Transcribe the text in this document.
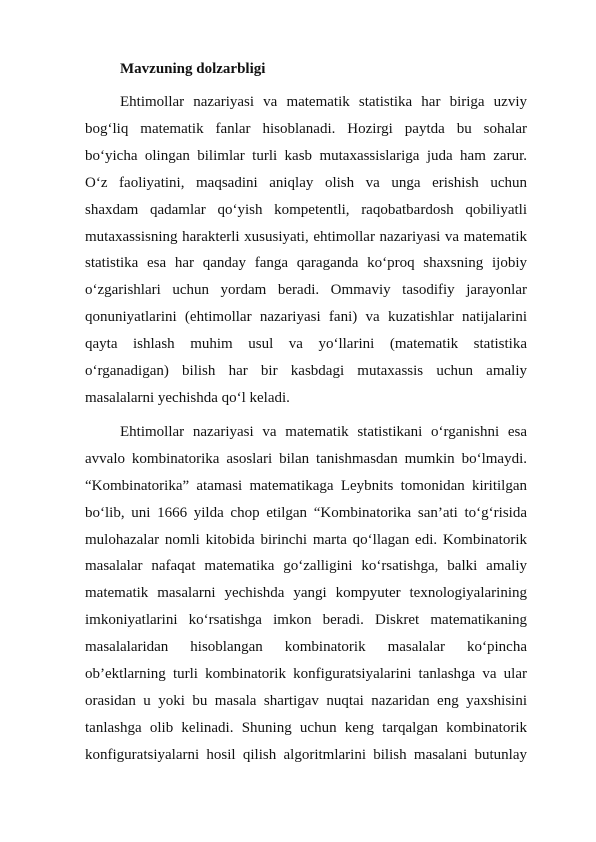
Mavzuning dolzarbligi
Ehtimollar nazariyasi va matematik statistika har biriga uzviy
bog‘liq matematik fanlar hisoblanadi. Hozirgi paytda bu sohalar
bo‘yicha olingan bilimlar turli kasb mutaxassislariga juda ham zarur.
O‘z faoliyatini, maqsadini aniqlay olish va unga erishish uchun
shaxdam qadamlar qo‘yish kompetentli, raqobatbardosh qobiliyatli
mutaxassisning harakterli xususiyati, ehtimollar nazariyasi va matematik
statistika esa har qanday fanga qaraganda ko‘proq shaxsning ijobiy
o‘zgarishlari uchun yordam beradi. Ommaviy tasodifiy jarayonlar
qonuniyatlarini (ehtimollar nazariyasi fani) va kuzatishlar natijalarini
qayta ishlash muhim usul va yo‘llarini (matematik statistika
o‘rganadigan) bilish har bir kasbdagi mutaxassis uchun amaliy
masalalarni yechishda qo‘l keladi.
Ehtimollar nazariyasi va matematik statistikani o‘rganishni esa
avvalo kombinatorika asoslari bilan tanishmasdan mumkin bo‘lmaydi.
“Kombinatorika” atamasi matematikaga Leybnits tomonidan kiritilgan
bo‘lib, uni 1666 yilda chop etilgan “Kombinatorika san’ati to‘g‘risida
mulohazalar nomli kitobida birinchi marta qo‘llagan edi. Kombinatorik
masalalar nafaqat matematika go‘zalligini ko‘rsatishga, balki amaliy
matematik masalarni yechishda yangi kompyuter texnologiyalarining
imkoniyatlarini ko‘rsatishga imkon beradi. Diskret matematikaning
masalalaridan hisoblangan kombinatorik masalalar ko‘pincha
ob’ektlarning turli kombinatorik konfiguratsiyalarini tanlashga va ular
orasidan u yoki bu masala shartigav nuqtai nazaridan eng yaxshisini
tanlashga olib kelinadi. Shuning uchun keng tarqalgan kombinatorik
konfiguratsiyalarni hosil qilish algoritmlarini bilish masalani butunlay
